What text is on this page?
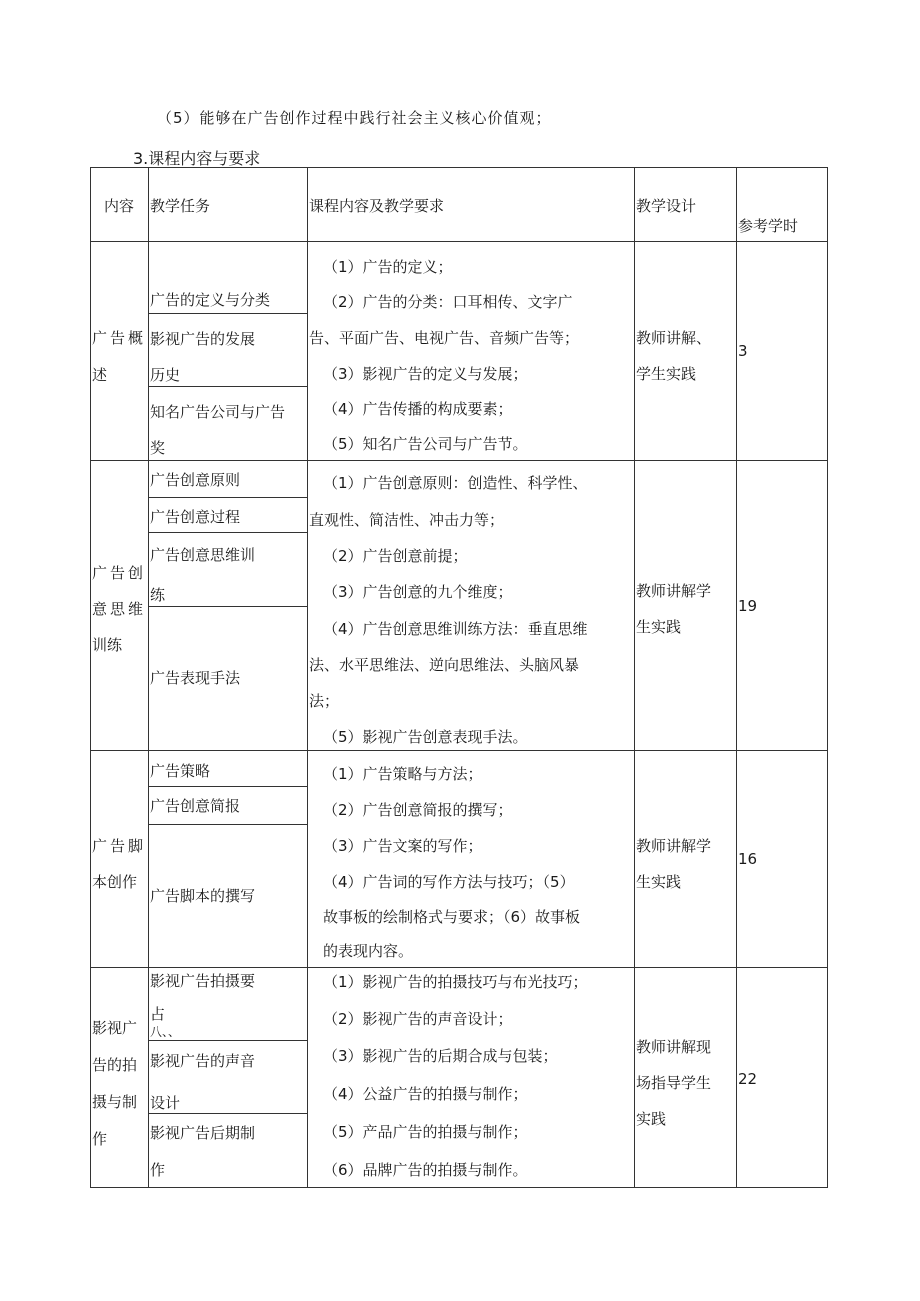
（5）能够在广告创作过程中践行社会主义核心价值观；
3.课程内容与要求
内容 教学任务	课程内容及教学要求	教学设计
参考学时
广告概
述
广告的定义与分类
影视广告的发展
历史
知名广告公司与广告
奖
（1）广告的定义；
（2）广告的分类：口耳相传、文字广
告、平面广告、电视广告、音频广告等；
（3）影视广告的定义与发展；
（4）广告传播的构成要素；
（5）知名广告公司与广告节。
教师讲解、
学生实践
3
广告创
意思维
训练
广告创意原则
广告创意过程
广告创意思维训
练
广告表现手法
（1）广告创意原则：创造性、科学性、
直观性、简洁性、冲击力等；
（2）广告创意前提；
（3）广告创意的九个维度；
（4）广告创意思维训练方法：垂直思维
法、水平思维法、逆向思维法、头脑风暴
法；
（5）影视广告创意表现手法。
教师讲解学
生实践
19
广告脚
本创作
广告策略
广告创意简报
广告脚本的撰写
（1）广告策略与方法；
（2）广告创意简报的撰写；
（3）广告文案的写作；
（4）广告词的写作方法与技巧；（5）
故事板的绘制格式与要求；（6）故事板
的表现内容。
教师讲解学
生实践
16
影视广
告的拍
摄与制
作
影视广告拍摄要
占
八、、
影视广告的声音
设计
影视广告后期制
作
（1）影视广告的拍摄技巧与布光技巧；
（2）影视广告的声音设计；
（3）影视广告的后期合成与包装；
（4）公益广告的拍摄与制作；
（5）产品广告的拍摄与制作；
（6）品牌广告的拍摄与制作。
教师讲解现
场指导学生
实践
22
